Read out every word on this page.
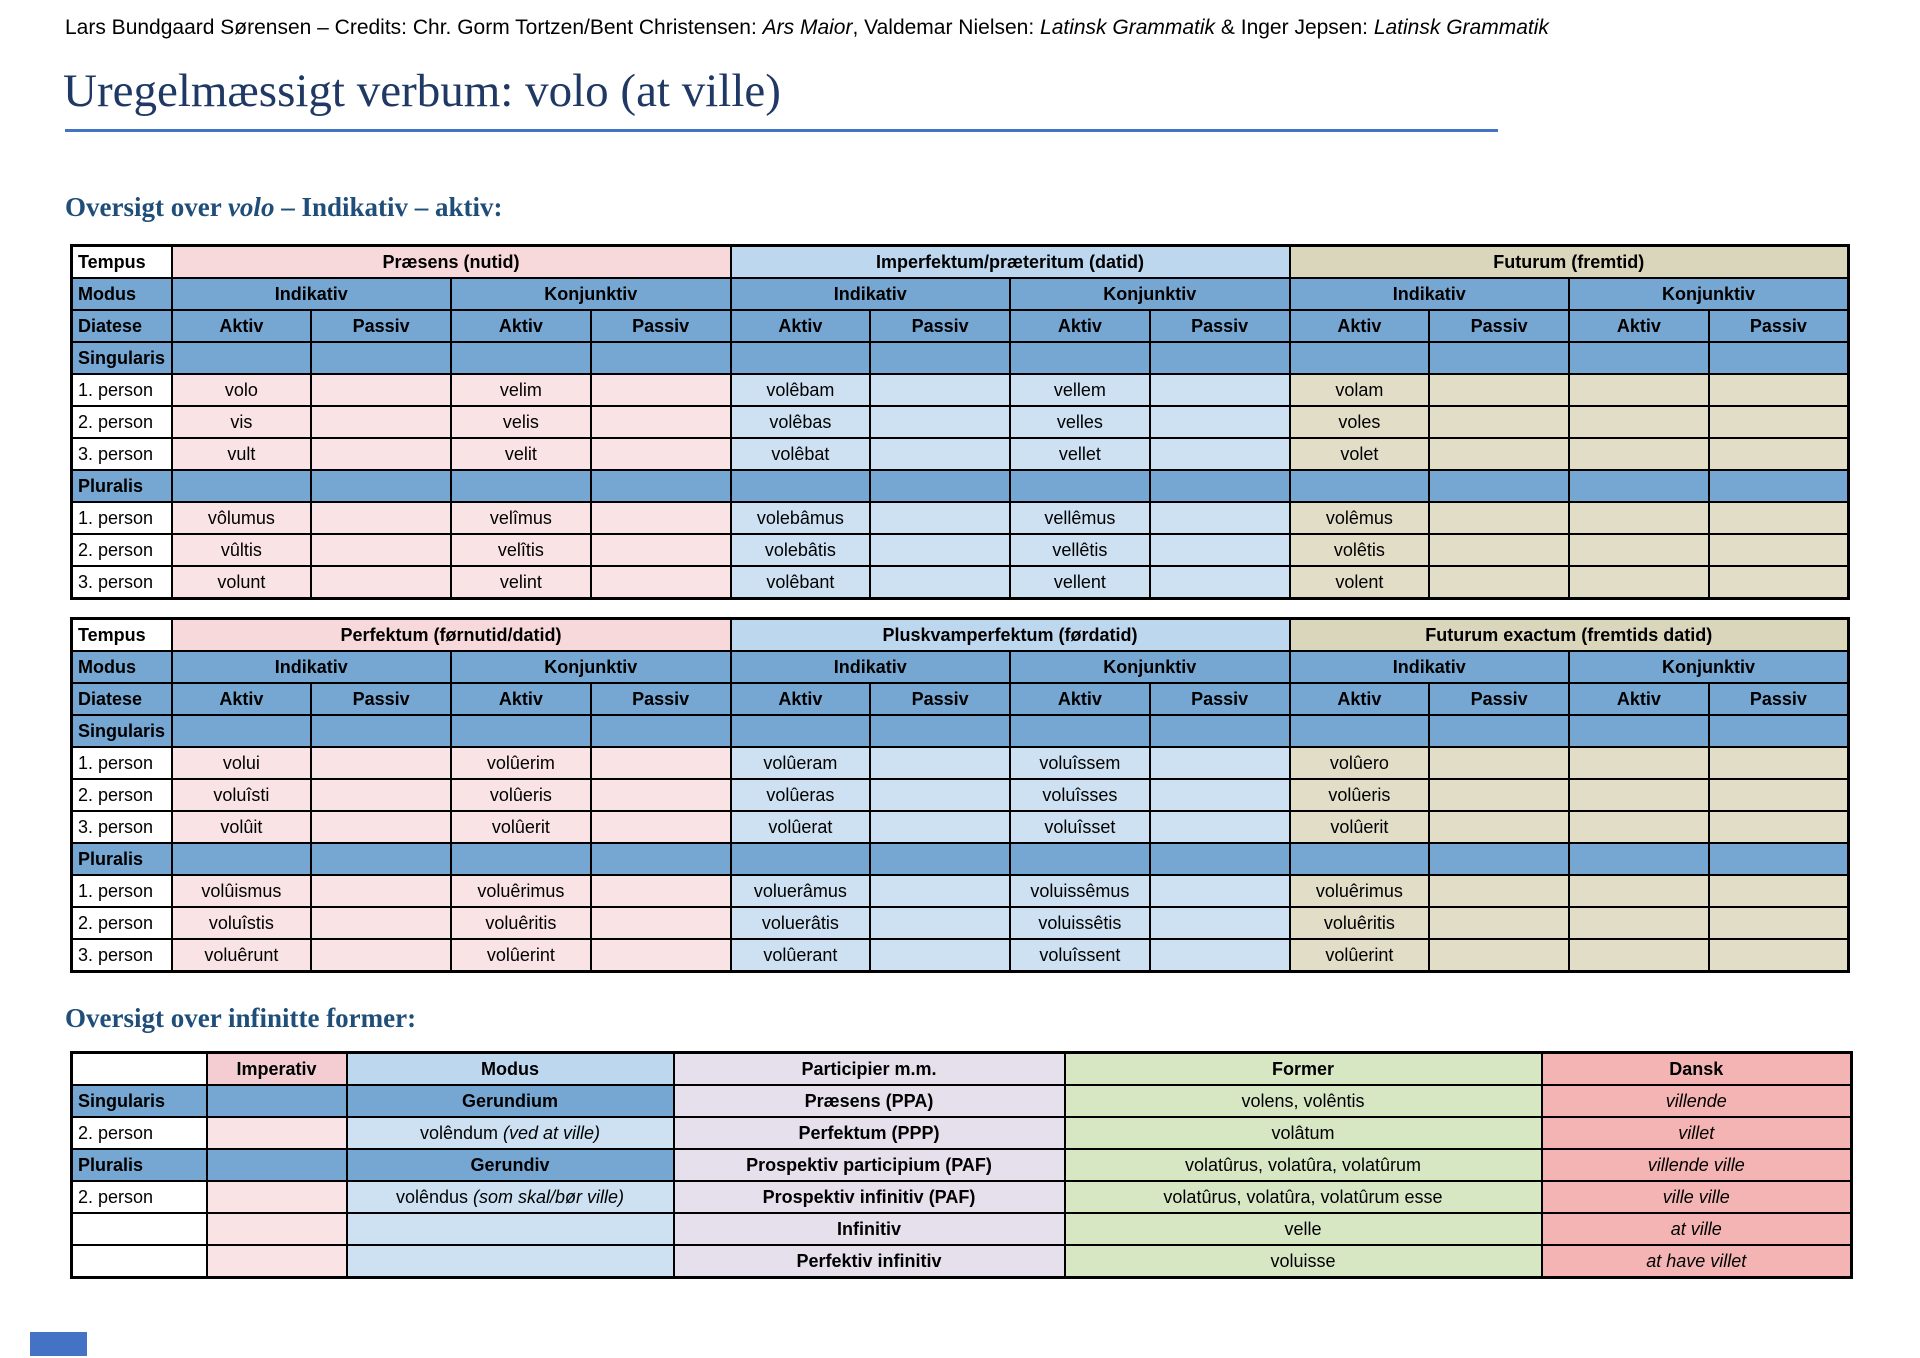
Lars Bundgaard Sørensen – Credits: Chr. Gorm Tortzen/Bent Christensen: Ars Maior, Valdemar Nielsen: Latinsk Grammatik & Inger Jepsen: Latinsk Grammatik
Uregelmæssigt verbum: volo (at ville)
Oversigt over volo – Indikativ – aktiv:
Tempus	Præsens (nutid)				Imperfektum/præteritum (datid)				Futurum (fremtid)			
Modus	Indikativ		Konjunktiv		Indikativ		Konjunktiv		Indikativ		Konjunktiv	
Diatese	Aktiv	Passiv	Aktiv	Passiv	Aktiv	Passiv	Aktiv	Passiv	Aktiv	Passiv	Aktiv	Passiv
Singularis												
1. person	volo		velim		volêbam		vellem		volam			
2. person	vis		velis		volêbas		velles		voles			
3. person	vult		velit		volêbat		vellet		volet			
Pluralis												
1. person	vôlumus		velîmus		volebâmus		vellêmus		volêmus			
2. person	vûltis		velîtis		volebâtis		vellêtis		volêtis			
3. person	volunt		velint		volêbant		vellent		volent			
Tempus	Perfektum (førnutid/datid)				Pluskvamperfektum (førdatid)				Futurum exactum (fremtids datid)			
Modus	Indikativ		Konjunktiv		Indikativ		Konjunktiv		Indikativ		Konjunktiv	
Diatese	Aktiv	Passiv	Aktiv	Passiv	Aktiv	Passiv	Aktiv	Passiv	Aktiv	Passiv	Aktiv	Passiv
Singularis												
1. person	volui		volûerim		volûeram		voluîssem		volûero			
2. person	voluîsti		volûeris		volûeras		voluîsses		volûeris			
3. person	volûit		volûerit		volûerat		voluîsset		volûerit			
Pluralis												
1. person	volûismus		voluêrimus		voluerâmus		voluissêmus		voluêrimus			
2. person	voluîstis		voluêritis		voluerâtis		voluissêtis		voluêritis			
3. person	voluêrunt		volûerint		volûerant		voluîssent		volûerint			
Oversigt over infinitte former:
	Imperativ	Modus	Participier m.m.	Former	Dansk
Singularis		Gerundium	Præsens (PPA)	volens, volêntis	villende
2. person		volêndum (ved at ville)	Perfektum (PPP)	volâtum	villet
Pluralis		Gerundiv	Prospektiv participium (PAF)	volatûrus, volatûra, volatûrum	villende ville
2. person		volêndus (som skal/bør ville)	Prospektiv infinitiv (PAF)	volatûrus, volatûra, volatûrum esse	ville ville
			Infinitiv	velle	at ville
			Perfektiv infinitiv	voluisse	at have villet
